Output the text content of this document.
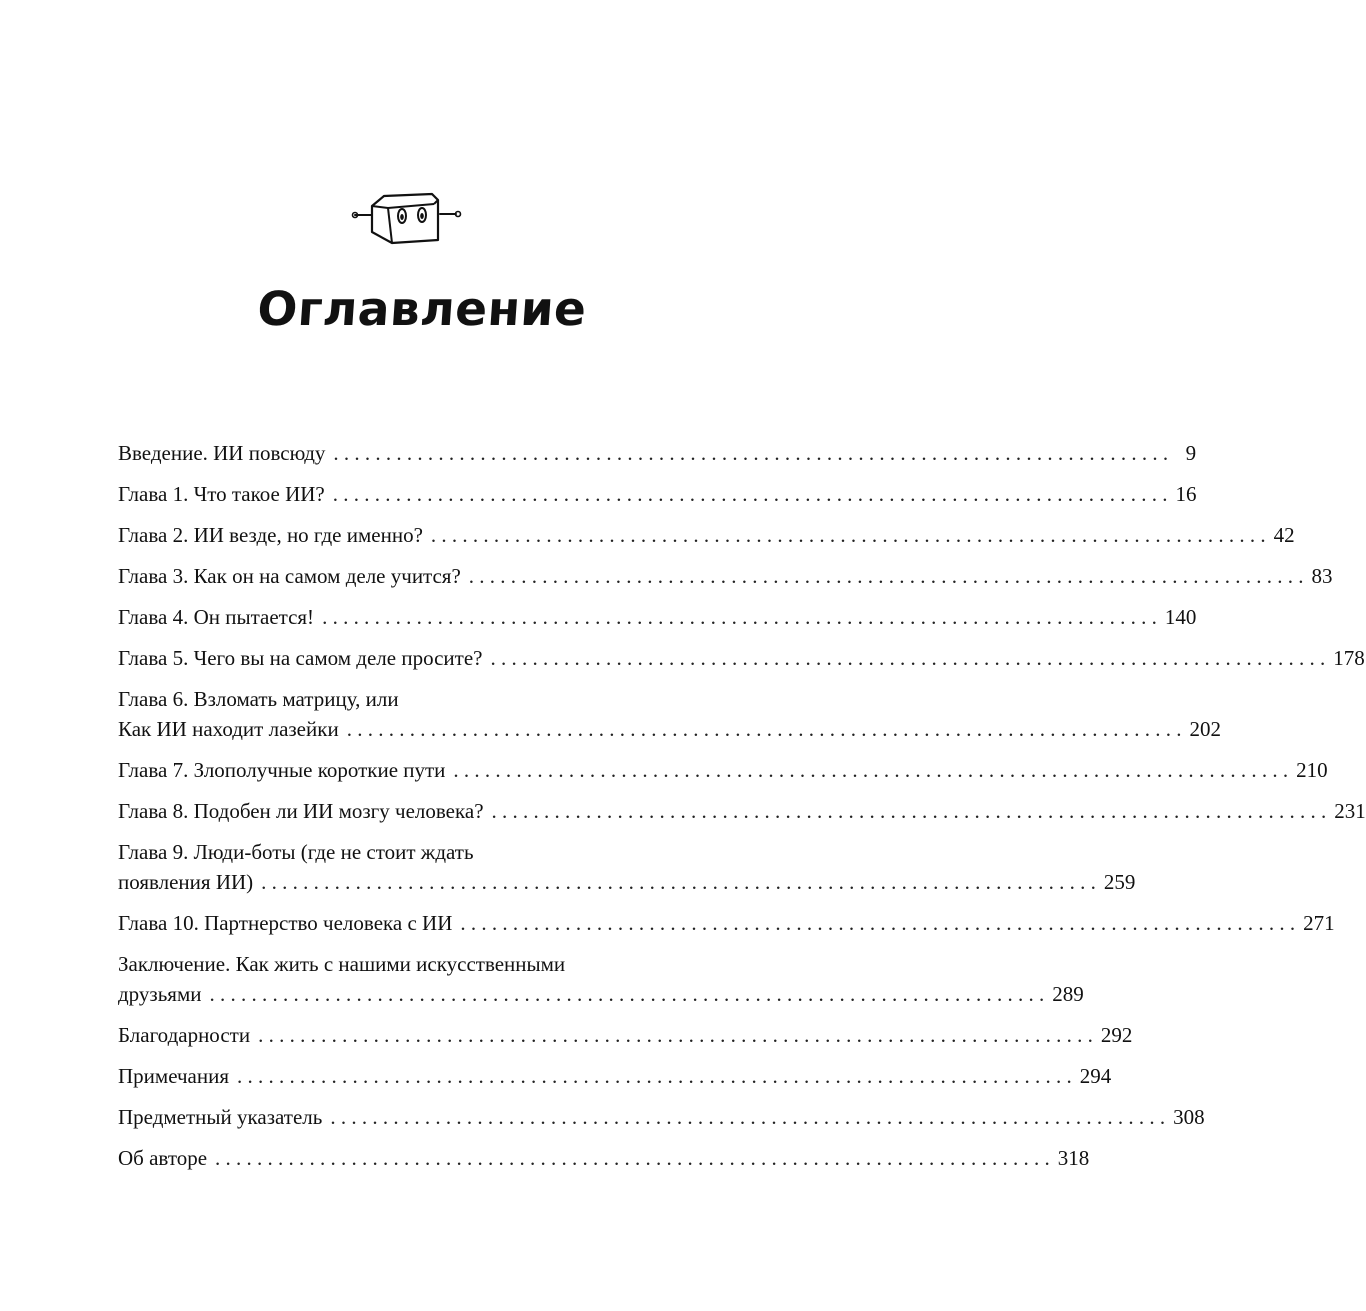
Оглавление
Введение. ИИ повсюду . . . . . . . . . . . . . . . . . . . . . . . . . . . . . . . . . . . . . . . . . . . . . . . . . . . . . . . . . . . . . . . . . . . . . . . . . . . . . . . . 9
Глава 1. Что такое ИИ? . . . . . . . . . . . . . . . . . . . . . . . . . . . . . . . . . . . . . . . . . . . . . . . . . . . . . . . . . . . . . . . . . . . . . . . . . . . . . . . . 16
Глава 2. ИИ везде, но где именно? . . . . . . . . . . . . . . . . . . . . . . . . . . . . . . . . . . . . . . . . . . . . . . . . . . . . . . . . . . . . . . . . . . . . . . . . . . . . . . . . 42
Глава 3. Как он на самом деле учится? . . . . . . . . . . . . . . . . . . . . . . . . . . . . . . . . . . . . . . . . . . . . . . . . . . . . . . . . . . . . . . . . . . . . . . . . . . . . . . . . 83
Глава 4. Он пытается! . . . . . . . . . . . . . . . . . . . . . . . . . . . . . . . . . . . . . . . . . . . . . . . . . . . . . . . . . . . . . . . . . . . . . . . . . . . . . . . . 140
Глава 5. Чего вы на самом деле просите? . . . . . . . . . . . . . . . . . . . . . . . . . . . . . . . . . . . . . . . . . . . . . . . . . . . . . . . . . . . . . . . . . . . . . . . . . . . . . . . . 178
Глава 6. Взломать матрицу, или
Как ИИ находит лазейки . . . . . . . . . . . . . . . . . . . . . . . . . . . . . . . . . . . . . . . . . . . . . . . . . . . . . . . . . . . . . . . . . . . . . . . . . . . . . . . . 202
Глава 7. Злополучные короткие пути . . . . . . . . . . . . . . . . . . . . . . . . . . . . . . . . . . . . . . . . . . . . . . . . . . . . . . . . . . . . . . . . . . . . . . . . . . . . . . . . 210
Глава 8. Подобен ли ИИ мозгу человека? . . . . . . . . . . . . . . . . . . . . . . . . . . . . . . . . . . . . . . . . . . . . . . . . . . . . . . . . . . . . . . . . . . . . . . . . . . . . . . . . 231
Глава 9. Люди-боты (где не стоит ждать
появления ИИ) . . . . . . . . . . . . . . . . . . . . . . . . . . . . . . . . . . . . . . . . . . . . . . . . . . . . . . . . . . . . . . . . . . . . . . . . . . . . . . . . 259
Глава 10. Партнерство человека с ИИ . . . . . . . . . . . . . . . . . . . . . . . . . . . . . . . . . . . . . . . . . . . . . . . . . . . . . . . . . . . . . . . . . . . . . . . . . . . . . . . . 271
Заключение. Как жить с нашими искусственными
друзьями . . . . . . . . . . . . . . . . . . . . . . . . . . . . . . . . . . . . . . . . . . . . . . . . . . . . . . . . . . . . . . . . . . . . . . . . . . . . . . . . 289
Благодарности . . . . . . . . . . . . . . . . . . . . . . . . . . . . . . . . . . . . . . . . . . . . . . . . . . . . . . . . . . . . . . . . . . . . . . . . . . . . . . . . 292
Примечания . . . . . . . . . . . . . . . . . . . . . . . . . . . . . . . . . . . . . . . . . . . . . . . . . . . . . . . . . . . . . . . . . . . . . . . . . . . . . . . . 294
Предметный указатель . . . . . . . . . . . . . . . . . . . . . . . . . . . . . . . . . . . . . . . . . . . . . . . . . . . . . . . . . . . . . . . . . . . . . . . . . . . . . . . . 308
Об авторе . . . . . . . . . . . . . . . . . . . . . . . . . . . . . . . . . . . . . . . . . . . . . . . . . . . . . . . . . . . . . . . . . . . . . . . . . . . . . . . . 318
